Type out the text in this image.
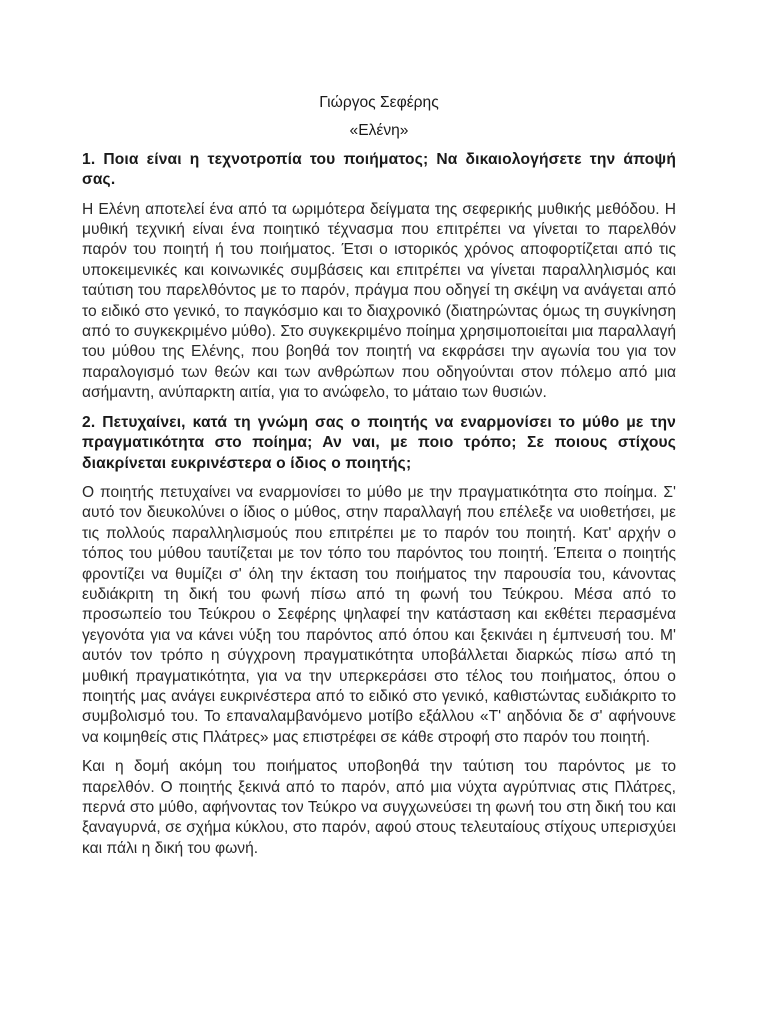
Γιώργος Σεφέρης
«Ελένη»

1. Ποια είναι η τεχνοτροπία του ποιήματος; Να δικαιολογήσετε την άποψή σας.

Η Ελένη αποτελεί ένα από τα ωριμότερα δείγματα της σεφερικής μυθικής μεθόδου. Η μυθική τεχνική είναι ένα ποιητικό τέχνασμα που επιτρέπει να γίνεται το παρελθόν παρόν του ποιητή ή του ποιήματος. Έτσι ο ιστορικός χρόνος αποφορτίζεται από τις υποκειμενικές και κοινωνικές συμβάσεις και επιτρέπει να γίνεται παραλληλισμός και ταύτιση του παρελθόντος με το παρόν, πράγμα που οδηγεί τη σκέψη να ανάγεται από το ειδικό στο γενικό, το παγκόσμιο και το διαχρονικό (διατηρώντας όμως τη συγκίνηση από το συγκεκριμένο μύθο). Στο συγκεκριμένο ποίημα χρησιμοποιείται μια παραλλαγή του μύθου της Ελένης, που βοηθά τον ποιητή να εκφράσει την αγωνία του για τον παραλογισμό των θεών και των ανθρώπων που οδηγούνται στον πόλεμο από μια ασήμαντη, ανύπαρκτη αιτία, για το ανώφελο, το μάταιο των θυσιών.

2. Πετυχαίνει, κατά τη γνώμη σας ο ποιητής να εναρμονίσει το μύθο με την πραγματικότητα στο ποίημα; Αν ναι, με ποιο τρόπο; Σε ποιους στίχους διακρίνεται ευκρινέστερα ο ίδιος ο ποιητής;

Ο ποιητής πετυχαίνει να εναρμονίσει το μύθο με την πραγματικότητα στο ποίημα. Σ' αυτό τον διευκολύνει ο ίδιος ο μύθος, στην παραλλαγή που επέλεξε να υιοθετήσει, με τις πολλούς παραλληλισμούς που επιτρέπει με το παρόν του ποιητή. Κατ' αρχήν ο τόπος του μύθου ταυτίζεται με τον τόπο του παρόντος του ποιητή. Έπειτα ο ποιητής φροντίζει να θυμίζει σ' όλη την έκταση του ποιήματος την παρουσία του, κάνοντας ευδιάκριτη τη δική του φωνή πίσω από τη φωνή του Τεύκρου. Μέσα από το προσωπείο του Τεύκρου ο Σεφέρης ψηλαφεί την κατάσταση και εκθέτει περασμένα γεγονότα για να κάνει νύξη του παρόντος από όπου και ξεκινάει η έμπνευσή του. Μ' αυτόν τον τρόπο η σύγχρονη πραγματικότητα υποβάλλεται διαρκώς πίσω από τη μυθική πραγματικότητα, για να την υπερκεράσει στο τέλος του ποιήματος, όπου ο ποιητής μας ανάγει ευκρινέστερα από το ειδικό στο γενικό, καθιστώντας ευδιάκριτο το συμβολισμό του. Το επαναλαμβανόμενο μοτίβο εξάλλου «Τ' αηδόνια δε σ' αφήνουνε να κοιμηθείς στις Πλάτρες» μας επιστρέφει σε κάθε στροφή στο παρόν του ποιητή.

Και η δομή ακόμη του ποιήματος υποβοηθά την ταύτιση του παρόντος με το παρελθόν. Ο ποιητής ξεκινά από το παρόν, από μια νύχτα αγρύπνιας στις Πλάτρες, περνά στο μύθο, αφήνοντας τον Τεύκρο να συγχωνεύσει τη φωνή του στη δική του και ξαναγυρνά, σε σχήμα κύκλου, στο παρόν, αφού στους τελευταίους στίχους υπερισχύει και πάλι η δική του φωνή.
